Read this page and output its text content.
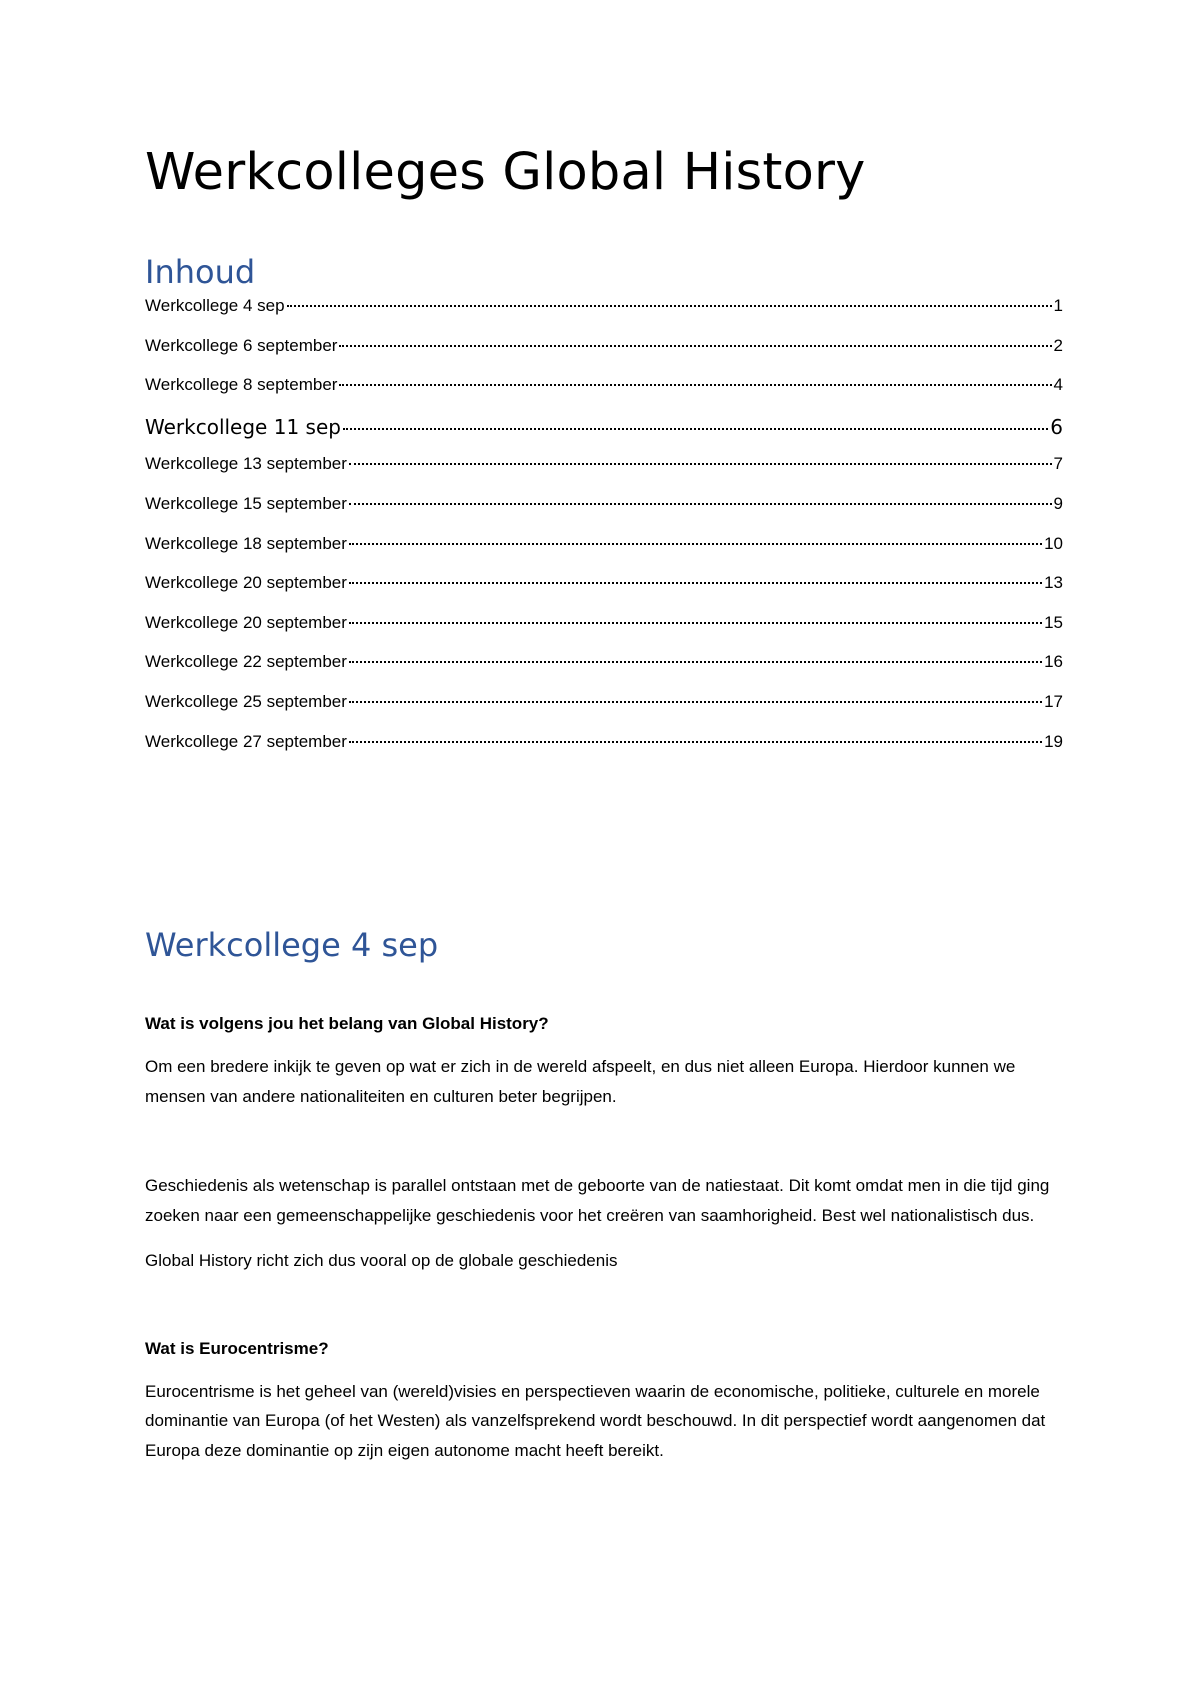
Werkcolleges Global History
Inhoud
Werkcollege 4 sep	1
Werkcollege 6 september	2
Werkcollege 8 september	4
Werkcollege 11 sep	6
Werkcollege 13 september	7
Werkcollege 15 september	9
Werkcollege 18 september	10
Werkcollege 20 september	13
Werkcollege 20 september	15
Werkcollege 22 september	16
Werkcollege 25 september	17
Werkcollege 27 september	19
Werkcollege 4 sep

Wat is volgens jou het belang van Global History?

Om een bredere inkijk te geven op wat er zich in de wereld afspeelt, en dus niet alleen Europa. Hierdoor kunnen we mensen van andere nationaliteiten en culturen beter begrijpen.

Geschiedenis als wetenschap is parallel ontstaan met de geboorte van de natiestaat. Dit komt omdat men in die tijd ging zoeken naar een gemeenschappelijke geschiedenis voor het creëren van saamhorigheid. Best wel nationalistisch dus.

Global History richt zich dus vooral op de globale geschiedenis

Wat is Eurocentrisme?

Eurocentrisme is het geheel van (wereld)visies en perspectieven waarin de economische, politieke, culturele en morele dominantie van Europa (of het Westen) als vanzelfsprekend wordt beschouwd. In dit perspectief wordt aangenomen dat Europa deze dominantie op zijn eigen autonome macht heeft bereikt.
